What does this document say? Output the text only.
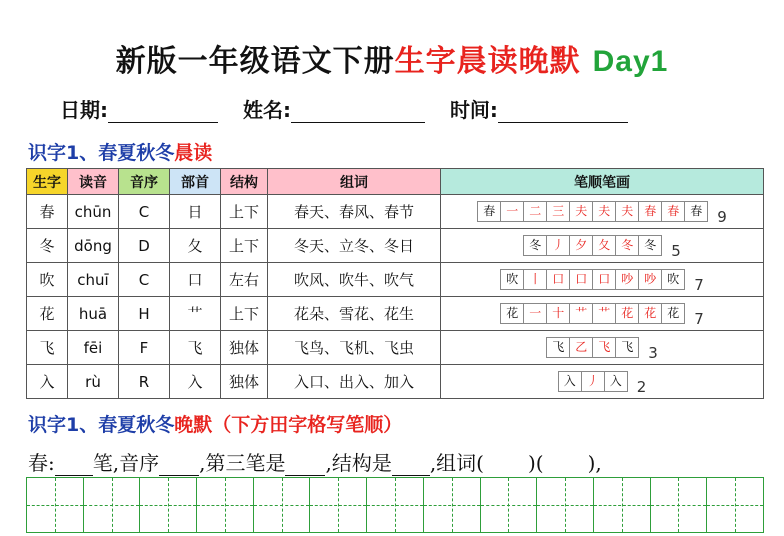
新版一年级语文下册生字晨读晚默 Day1
日期:	姓名:	时间:
识字1、春夏秋冬晨读
生字	读音	音序	部首	结构	组词	笔顺笔画
春	chūn	C	日	上下	春天、春风、春节	春 一 二 三 夫 夫 夫 春 春 春 9
冬	dōng	D	夂	上下	冬天、立冬、冬日	冬 丿 夕 夂 冬 冬 5
吹	chuī	C	口	左右	吹风、吹牛、吹气	吹 丨 口 口 口 吵 吵 吹 7
花	huā	H	艹	上下	花朵、雪花、花生	花 一 十 艹 艹 花 花 花 7
飞	fēi	F	飞	独体	飞鸟、飞机、飞虫	飞 乙 飞 飞 3
入	rù	R	入	独体	入口、出入、加入	入 丿 入 2
识字1、春夏秋冬晚默（下方田字格写笔顺）
春: 笔,音序 ,第三笔是 ,结构是 ,组词( )( ),
